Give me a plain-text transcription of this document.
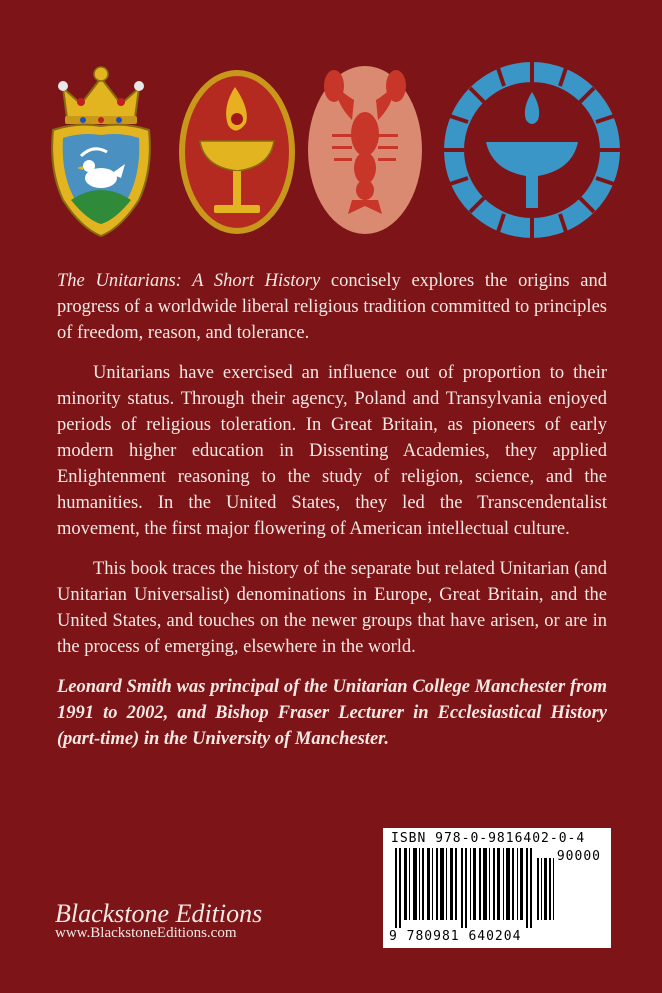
The Unitarians: A Short History concisely explores the origins and progress of a worldwide liberal religious tradition committed to principles of freedom, reason, and tolerance.

Unitarians have exercised an influence out of proportion to their minority status. Through their agency, Poland and Transylvania enjoyed periods of religious toleration. In Great Britain, as pioneers of early modern higher education in Dissenting Academies, they applied Enlightenment reasoning to the study of religion, science, and the humanities. In the United States, they led the Transcendentalist movement, the first major flowering of American intellectual culture.

This book traces the history of the separate but related Unitarian (and Unitarian Universalist) denominations in Europe, Great Britain, and the United States, and touches on the newer groups that have arisen, or are in the process of emerging, elsewhere in the world.

Leonard Smith was principal of the Unitarian College Manchester from 1991 to 2002, and Bishop Fraser Lecturer in Ecclesiastical History (part-time) in the University of Manchester.

ISBN 978-0-9816402-0-4
90000
9 780981 640204
Blackstone Editions
www.BlackstoneEditions.com
